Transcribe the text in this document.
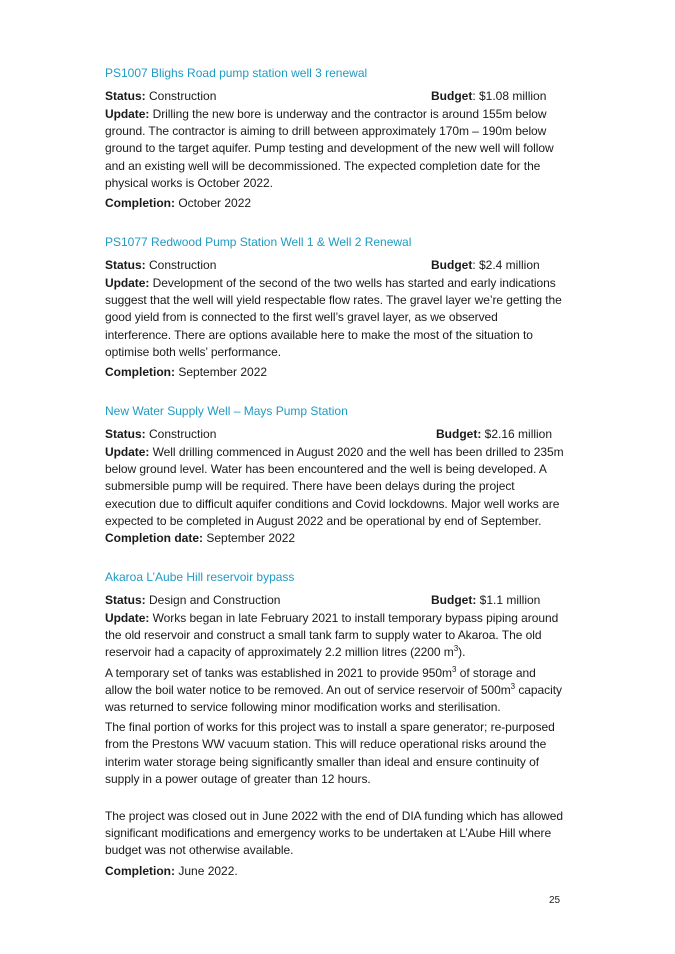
PS1007 Blighs Road pump station well 3 renewal
Status: Construction	Budget: $1.08 million

Update: Drilling the new bore is underway and the contractor is around 155m below ground. The contractor is aiming to drill between approximately 170m – 190m below ground to the target aquifer. Pump testing and development of the new well will follow and an existing well will be decommissioned. The expected completion date for the physical works is October 2022.

Completion: October 2022

PS1077 Redwood Pump Station Well 1 & Well 2 Renewal
Status: Construction	Budget: $2.4 million

Update: Development of the second of the two wells has started and early indications suggest that the well will yield respectable flow rates. The gravel layer we’re getting the good yield from is connected to the first well’s gravel layer, as we observed interference. There are options available here to make the most of the situation to optimise both wells’ performance.

Completion: September 2022

New Water Supply Well – Mays Pump Station
Status: Construction	Budget: $2.16 million

Update: Well drilling commenced in August 2020 and the well has been drilled to 235m below ground level. Water has been encountered and the well is being developed. A submersible pump will be required. There have been delays during the project execution due to difficult aquifer conditions and Covid lockdowns. Major well works are expected to be completed in August 2022 and be operational by end of September.

Completion date: September 2022

Akaroa L’Aube Hill reservoir bypass
Status: Design and Construction	Budget: $1.1 million

Update: Works began in late February 2021 to install temporary bypass piping around the old reservoir and construct a small tank farm to supply water to Akaroa. The old reservoir had a capacity of approximately 2.2 million litres (2200 $m^3$).

A temporary set of tanks was established in 2021 to provide $950m^3$ of storage and allow the boil water notice to be removed. An out of service reservoir of $500m^3$ capacity was returned to service following minor modification works and sterilisation.

The final portion of works for this project was to install a spare generator; re-purposed from the Prestons WW vacuum station. This will reduce operational risks around the interim water storage being significantly smaller than ideal and ensure continuity of supply in a power outage of greater than 12 hours.

The project was closed out in June 2022 with the end of DIA funding which has allowed significant modifications and emergency works to be undertaken at L’Aube Hill where budget was not otherwise available.

Completion: June 2022.

25
